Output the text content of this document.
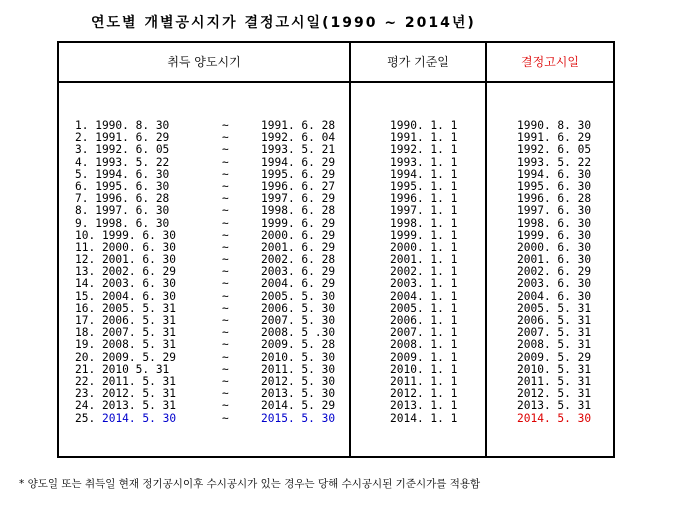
연도별 개별공시지가 결정고시일(1990 ~ 2014년)
취득 양도시기	평가 기준일	결정고시일
1. 1990. 8. 30	~	1991. 6. 28	1990. 1. 1	1990. 8. 30
2. 1991. 6. 29	~	1992. 6. 04	1991. 1. 1	1991. 6. 29
3. 1992. 6. 05	~	1993. 5. 21	1992. 1. 1	1992. 6. 05
4. 1993. 5. 22	~	1994. 6. 29	1993. 1. 1	1993. 5. 22
5. 1994. 6. 30	~	1995. 6. 29	1994. 1. 1	1994. 6. 30
6. 1995. 6. 30	~	1996. 6. 27	1995. 1. 1	1995. 6. 30
7. 1996. 6. 28	~	1997. 6. 29	1996. 1. 1	1996. 6. 28
8. 1997. 6. 30	~	1998. 6. 28	1997. 1. 1	1997. 6. 30
9. 1998. 6. 30	~	1999. 6. 29	1998. 1. 1	1998. 6. 30
10. 1999. 6. 30	~	2000. 6. 29	1999. 1. 1	1999. 6. 30
11. 2000. 6. 30	~	2001. 6. 29	2000. 1. 1	2000. 6. 30
12. 2001. 6. 30	~	2002. 6. 28	2001. 1. 1	2001. 6. 30
13. 2002. 6. 29	~	2003. 6. 29	2002. 1. 1	2002. 6. 29
14. 2003. 6. 30	~	2004. 6. 29	2003. 1. 1	2003. 6. 30
15. 2004. 6. 30	~	2005. 5. 30	2004. 1. 1	2004. 6. 30
16. 2005. 5. 31	~	2006. 5. 30	2005. 1. 1	2005. 5. 31
17. 2006. 5. 31	~	2007. 5. 30	2006. 1. 1	2006. 5. 31
18. 2007. 5. 31	~	2008. 5 .30	2007. 1. 1	2007. 5. 31
19. 2008. 5. 31	~	2009. 5. 28	2008. 1. 1	2008. 5. 31
20. 2009. 5. 29	~	2010. 5. 30	2009. 1. 1	2009. 5. 29
21. 2010 5. 31	~	2011. 5. 30	2010. 1. 1	2010. 5. 31
22. 2011. 5. 31	~	2012. 5. 30	2011. 1. 1	2011. 5. 31
23. 2012. 5. 31	~	2013. 5. 30	2012. 1. 1	2012. 5. 31
24. 2013. 5. 31	~	2014. 5. 29	2013. 1. 1	2013. 5. 31
25. 2014. 5. 30	~	2015. 5. 30	2014. 1. 1	2014. 5. 30
* 양도일 또는 취득일 현재 정기공시이후 수시공시가 있는 경우는 당해 수시공시된 기준시가를 적용함
